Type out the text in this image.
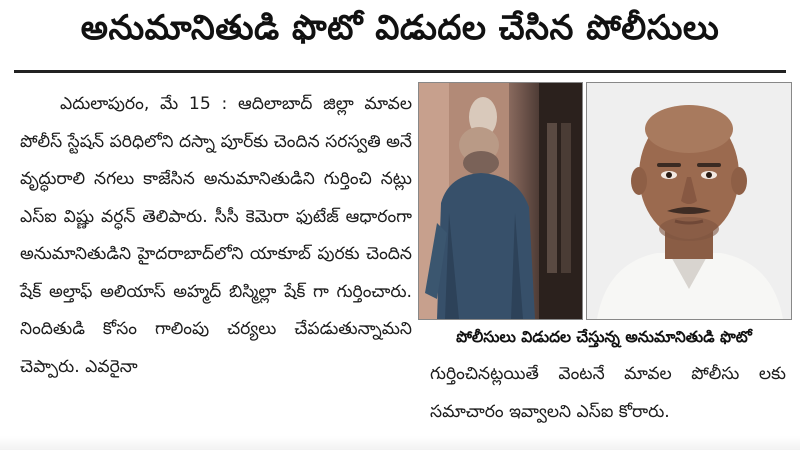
అనుమానితుడి ఫొటో విడుదల చేసిన పోలీసులు

ఎదులాపురం, మే 15 : ఆదిలాబాద్ జిల్లా మావల పోలీస్ స్టేషన్ పరిధిలోని దస్నా పూర్‌కు చెందిన సరస్వతి అనే వృద్ధురాలి నగలు కాజేసిన అనుమానితుడిని గుర్తించి నట్లు ఎస్ఐ విష్ణు వర్ధన్ తెలిపారు. సీసీ కెమెరా ఫుటేజ్ ఆధారంగా అనుమానితుడిని హైదరాబాద్‌లోని యాకూబ్ పురకు చెందిన షేక్ అల్తాఫ్ అలియాస్ అహ్మద్ బిస్మిల్లా షేక్ గా గుర్తించారు. నిందితుడి కోసం గాలింపు చర్యలు చేపడుతున్నామని చెప్పారు. ఎవరైనా

పోలీసులు విడుదల చేస్తున్న అనుమానితుడి ఫొటో

గుర్తించినట్లయితే వెంటనే మావల పోలీసు లకు సమాచారం ఇవ్వాలని ఎస్ఐ కోరారు.
